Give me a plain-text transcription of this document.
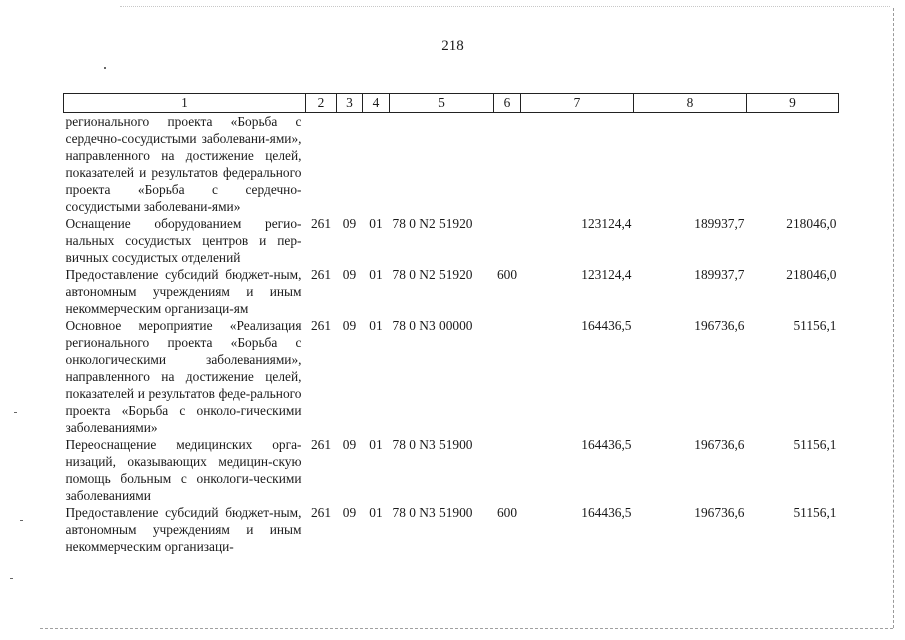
218
1	2	3	4	5	6	7	8	9
регионального проекта «Борьба с сердечно-сосудистыми заболевани-ями», направленного на достижение целей, показателей и результатов федерального проекта «Борьба с сердечно-сосудистыми заболевани-ями»								
Оснащение оборудованием регио-нальных сосудистых центров и пер-вичных сосудистых отделений	261	09	01	78 0 N2 51920		123124,4	189937,7	218046,0
Предоставление субсидий бюджет-ным, автономным учреждениям и иным некоммерческим организаци-ям	261	09	01	78 0 N2 51920	600	123124,4	189937,7	218046,0
Основное мероприятие «Реализация регионального проекта «Борьба с онкологическими заболеваниями», направленного на достижение целей, показателей и результатов феде-рального проекта «Борьба с онколо-гическими заболеваниями»	261	09	01	78 0 N3 00000		164436,5	196736,6	51156,1
Переоснащение медицинских орга-низаций, оказывающих медицин-скую помощь больным с онкологи-ческими заболеваниями	261	09	01	78 0 N3 51900		164436,5	196736,6	51156,1
Предоставление субсидий бюджет-ным, автономным учреждениям и иным некоммерческим организаци-	261	09	01	78 0 N3 51900	600	164436,5	196736,6	51156,1
